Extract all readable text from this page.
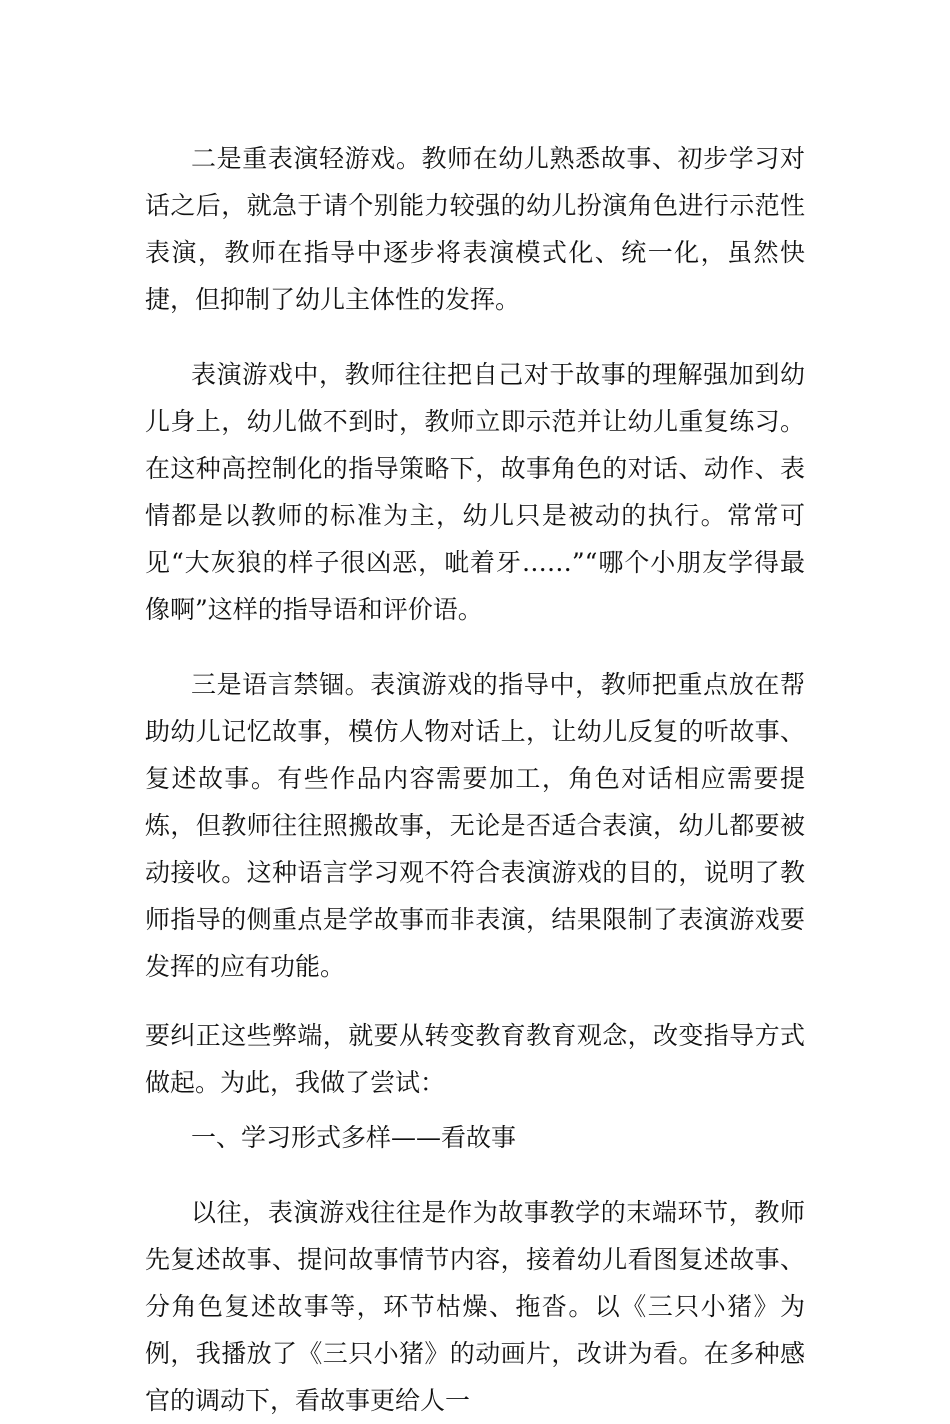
二是重表演轻游戏。教师在幼儿熟悉故事、初步学习对话之后，就急于请个别能力较强的幼儿扮演角色进行示范性表演，教师在指导中逐步将表演模式化、统一化，虽然快捷，但抑制了幼儿主体性的发挥。

表演游戏中，教师往往把自己对于故事的理解强加到幼儿身上，幼儿做不到时，教师立即示范并让幼儿重复练习。在这种高控制化的指导策略下，故事角色的对话、动作、表情都是以教师的标准为主，幼儿只是被动的执行。常常可见“大灰狼的样子很凶恶，呲着牙……”“哪个小朋友学得最像啊”这样的指导语和评价语。

三是语言禁锢。表演游戏的指导中，教师把重点放在帮助幼儿记忆故事，模仿人物对话上，让幼儿反复的听故事、复述故事。有些作品内容需要加工，角色对话相应需要提炼，但教师往往照搬故事，无论是否适合表演，幼儿都要被动接收。这种语言学习观不符合表演游戏的目的，说明了教师指导的侧重点是学故事而非表演，结果限制了表演游戏要发挥的应有功能。

要纠正这些弊端，就要从转变教育教育观念，改变指导方式做起。为此，我做了尝试：

一、学习形式多样——看故事

以往，表演游戏往往是作为故事教学的末端环节，教师先复述故事、提问故事情节内容，接着幼儿看图复述故事、分角色复述故事等，环节枯燥、拖沓。以《三只小猪》为例，我播放了《三只小猪》的动画片，改讲为看。在多种感官的调动下，看故事更给人一
